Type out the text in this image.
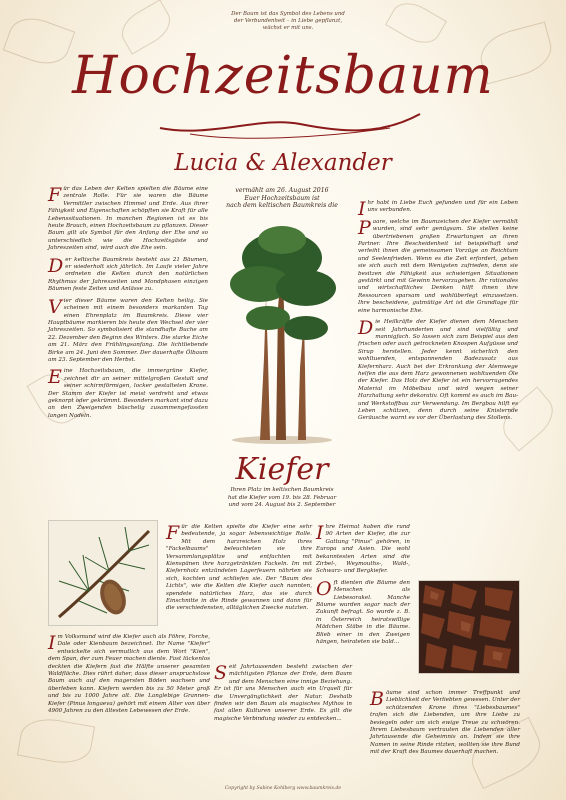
Der Baum ist das Symbol des Lebens und der Verbundenheit – in Liebe gepflanzt, wächst er mit uns.
Hochzeitsbaum
Lucia & Alexander
vermählt am 26. August 2016
Euer Hochzeitsbaum ist
nach dem keltischen Baumkreis die
Kiefer
Ihren Platz im keltischen Baumkreis
hat die Kiefer vom 19. bis 28. Februar
und vom 24. August bis 2. September

Für das Leben der Kelten spielten die Bäume eine zentrale Rolle. Für sie waren die Bäume Vermittler zwischen Himmel und Erde. Aus ihrer Fähigkeit und Eigenschaften schöpften sie Kraft für alle Lebenssituationen. In manchen Regionen ist es bis heute Brauch, einen Hochzeitsbaum zu pflanzen. Dieser Baum gilt als Symbol für den Anfang der Ehe und so unterschiedlich wie die Hochzeitsgäste und Jahreszeiten sind, wird auch die Ehe sein.

Der keltische Baumkreis besteht aus 21 Bäumen, er wiederholt sich jährlich. Im Laufe vieler Jahre ordneten die Kelten durch den natürlichen Rhythmus der Jahreszeiten und Mondphasen einzigen Bäumen feste Zeiten und Anlässe zu.

Vier dieser Bäume waren den Kelten heilig. Sie scheinen mit einem besonders markanten Tag einen Ehrenplatz im Baumkreis. Diese vier Hauptbäume markieren bis heute den Wechsel der vier Jahreszeiten. So symbolisiert die standhafte Buche am 22. Dezember den Beginn des Winters. Die starke Eiche am 21. März den Frühlingsanfang. Die lichtliebende Birke am 24. Juni den Sommer. Der dauerhafte Ölbaum am 23. September den Herbst.

Eine Hochzeitsbaum, die immergrüne Kiefer, zeichnet dir an seiner mittelgroßen Gestalt und seiner schirmförmigen, locker gestalteten Krone. Der Stamm der Kiefer ist meist verdreht und etwas geknorpt oder gekrümmt. Besonders markant sind dazu an den Zweigenden büschelig zusammengefassten langen Nadeln.

Im Volksmund wird die Kiefer auch als Föhre, Forche, Dale oder Kienbaum bezeichnet. Ihr Name "Kiefer" entwickelte sich vermutlich aus dem Wort "Kien", dem Span, der zum Feuer machen diente. Fast lückenlos deckten die Kiefern fast die Hälfte unserer gesamten Waldfläche. Dies rührt daher, dass dieser anspruchslose Baum auch auf den magersten Böden wachsen und überleben kann. Kiefern werden bis zu 50 Meter groß und bis zu 1000 Jahre alt. Die Langlebige Grannen-Kiefer (Pinus longaeva) gehört mit einem Alter von über 4900 Jahren zu den ältesten Lebewesen der Erde.

Für die Kelten spielte die Kiefer eine sehr bedeutende, ja sogar lebenswichtige Rolle. Mit dem harzreichen Holz ihres "Fackelbaums" beleuchteten sie ihre Versammlungsplätze und entfachten mit Kienspänen ihre harzgetränkten Fackeln. Im mit Kiefernholz entzündeten Lagerfeuern nährten sie sich, kochten und schliefen sie. Der "Baum des Lichts", wie die Kelten die Kiefer auch nannten, spendete natürliches Harz, das sie durch Einschnitte in die Rinde gewannen und dann für die verschiedensten, alltäglichen Zwecke nutzten.

Seit Jahrtausenden besteht zwischen der mächtigsten Pflanze der Erde, dem Baum und dem Menschen eine innige Beziehung. Er ist für uns Menschen auch ein Urquell für die Unvergänglichkeit der Natur. Deshalb finden wir den Baum als magisches Mythos in fast allen Kulturen unserer Erde. Es gilt die magische Verbindung wieder zu entdecken...

Ihr habt in Liebe Euch gefunden und für ein Leben uns verbunden.

Paare, welche im Baumzeichen der Kiefer vermählt wurden, sind sehr genügsam. Sie stellen keine übertriebenen großen Erwartungen an ihren Partner. Ihre Bescheidenheit ist beispielhaft und verleiht ihnen die gemeinsamen Vorzüge an Reichtum und Seelenfrieden. Wenn es die Zeit erfordert, gehen sie sich auch mit dem Wenigsten zufrieden, denn sie besitzen die Fähigkeit aus schwierigen Situationen gestärkt und mit Gewinn hervorzugehen. Ihr rationales und wirtschaftliches Denken hilft ihnen ihre Ressourcen sparsam und wohlüberlegt einzusetzen. Ihre bescheidene, gutmütige Art ist die Grundlage für eine harmonische Ehe.

Die Heilkräfte der Kiefer dienen dem Menschen seit Jahrhunderten und sind vielfältig und mannigfach. So lassen sich zum Beispiel aus den frischen oder auch getrockneten Knospen Aufgüsse und Sirup herstellen. Jeder kennt sicherlich den wohltuenden, entspannenden Badezusatz aus Kiefernharz. Auch bei der Erkrankung der Atemwege helfen die aus dem Harz gewonnenen wohltuenden Öle der Kiefer. Das Holz der Kiefer ist ein hervorragendes Material im Möbelbau und wird wegen seiner Harzhaltung sehr dekorativ. Oft kommt es auch im Bau- und Werkstoffbau zur Verwendung. Im Bergbau hilft es Leben schützen, denn durch seine Knisternde Geräusche warnt es vor der Überlastung des Stollens.

Ihre Heimat haben die rund 90 Arten der Kiefer, die zur Gattung "Pinus" gehören, in Europa und Asien. Die wohl bekanntesten Arten sind die Zirbel-, Weymouths-, Wald-, Schwarz- und Bergkiefer.

Oft dienten die Bäume den Menschen als Liebesorakel. Manche Bäume wurden sogar nach der Zukunft befragt. So wurde z. B. in Österreich heiratswillige Mädchen Stäbe in die Bäume. Blieb einer in den Zweigen hängen, heirateten sie bald...

Bäume sind schon immer Treffpunkt und Lieblichkeit der Verliebten gewesen. Unter der schützenden Krone ihres "Liebesbaumes" trafen sich die Liebenden, um ihre Liebe zu besiegeln oder um sich ewige Treue zu schwören. Ihrem Liebesbaum vertrauten die Liebenden aller Jahrtausende die Geheimnis an. Indem sie ihre Namen in seine Rinde ritzten, wollten sie ihre Bund mit der Kraft des Baumes dauerhaft machen.

Copyright by Sabine Kohlberg www.baumkreis.de
